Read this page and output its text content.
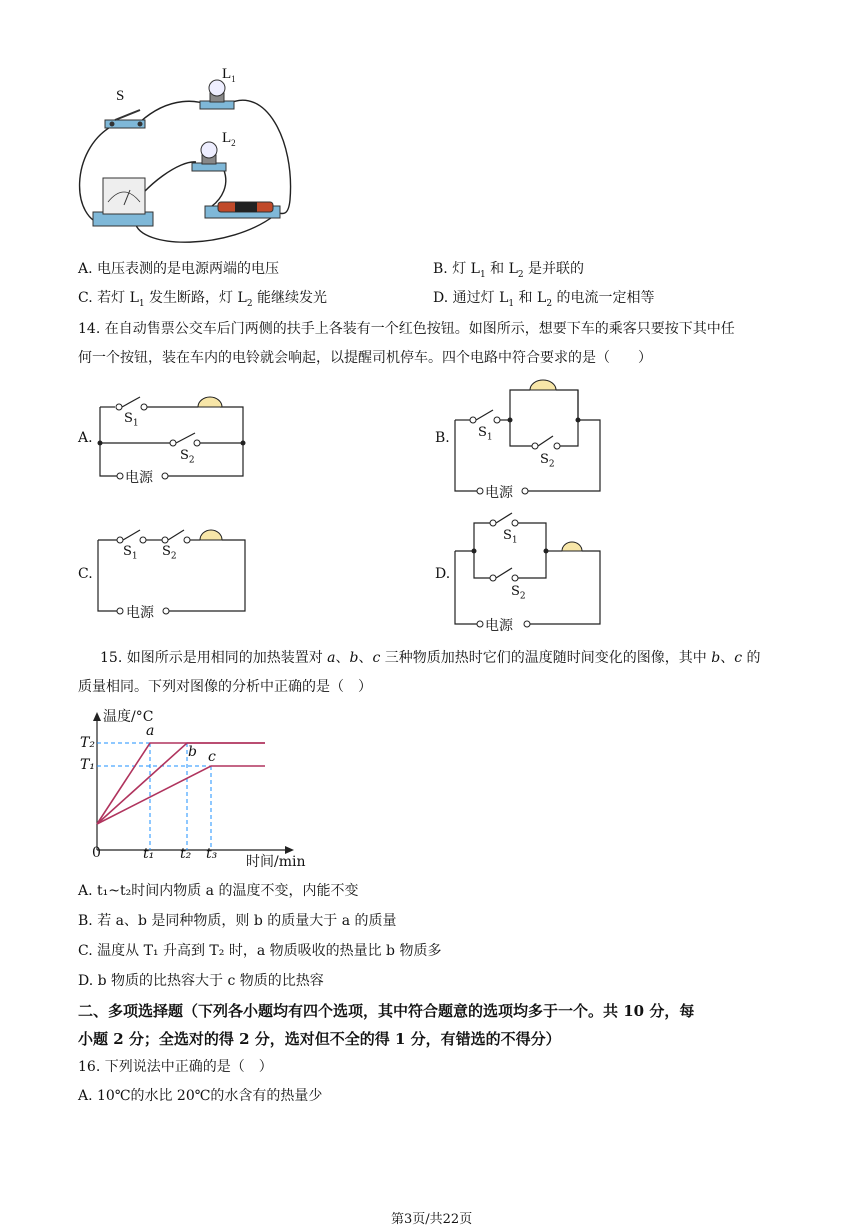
S
$L_1$
$L_2$
A. 电压表测的是电源两端的电压	B. 灯 $L_1$ 和 $L_2$ 是并联的
C. 若灯 $L_1$ 发生断路，灯 $L_2$ 能继续发光	D. 通过灯 $L_1$ 和 $L_2$ 的电流一定相等
14. 在自动售票公交车后门两侧的扶手上各装有一个红色按钮。如图所示，想要下车的乘客只要按下其中任
何一个按钮，装在车内的电铃就会响起，以提醒司机停车。四个电路中符合要求的是（　　）
A.	B.
C.	D.
$S_1$
$S_2$
$S_1$
$S_2$
$S_1$ $S_2$
$S_1$
$S_2$
电源
电源
电源
电源
15. 如图所示是用相同的加热装置对 a、b、c 三种物质加热时它们的温度随时间变化的图像，其中 b、c 的
质量相同。下列对图像的分析中正确的是（　）
温度/°C
时间/min
0
T₂
T₁
t₁ t₂ t₃
a
b c
A. t₁~t₂时间内物质 a 的温度不变，内能不变
B. 若 a、b 是同种物质，则 b 的质量大于 a 的质量
C. 温度从 T₁ 升高到 T₂ 时，a 物质吸收的热量比 b 物质多
D. b 物质的比热容大于 c 物质的比热容
二、多项选择题（下列各小题均有四个选项，其中符合题意的选项均多于一个。共 10 分，每
小题 2 分；全选对的得 2 分，选对但不全的得 1 分，有错选的不得分）
16. 下列说法中正确的是（　）
A. 10℃的水比 20℃的水含有的热量少
第3页/共22页
